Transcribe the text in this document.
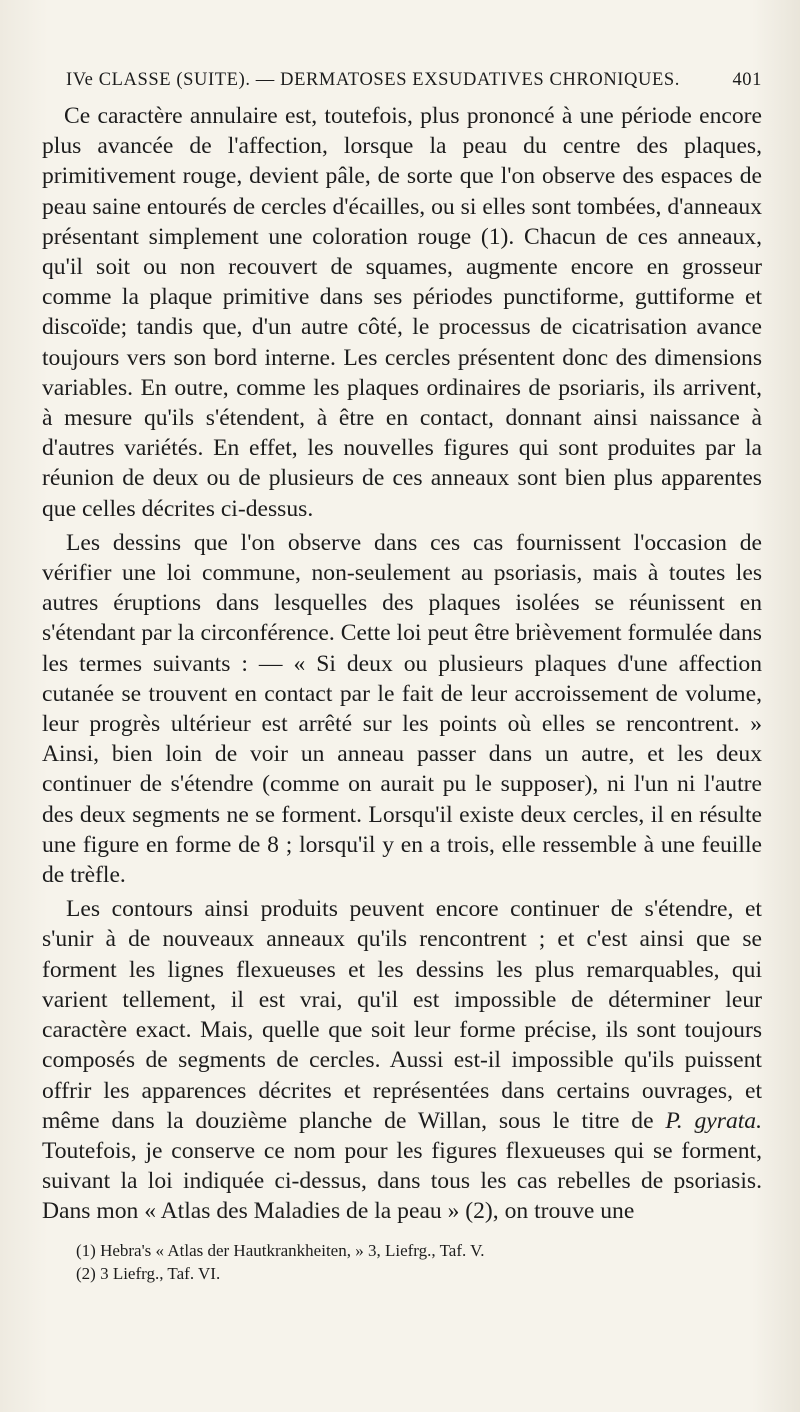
IVe CLASSE (SUITE). — DERMATOSES EXSUDATIVES CHRONIQUES.	401

Ce caractère annulaire est, toutefois, plus prononcé à une période encore plus avancée de l'affection, lorsque la peau du centre des plaques, primitivement rouge, devient pâle, de sorte que l'on observe des espaces de peau saine entourés de cercles d'écailles, ou si elles sont tombées, d'anneaux présentant simplement une coloration rouge (1). Chacun de ces anneaux, qu'il soit ou non recouvert de squames, augmente encore en grosseur comme la plaque primitive dans ses périodes punctiforme, guttiforme et discoïde; tandis que, d'un autre côté, le processus de cicatrisation avance toujours vers son bord interne. Les cercles présentent donc des dimensions variables. En outre, comme les plaques ordinaires de psoriaris, ils arrivent, à mesure qu'ils s'étendent, à être en contact, donnant ainsi naissance à d'autres variétés. En effet, les nouvelles figures qui sont produites par la réunion de deux ou de plusieurs de ces anneaux sont bien plus apparentes que celles décrites ci-dessus.

Les dessins que l'on observe dans ces cas fournissent l'occasion de vérifier une loi commune, non-seulement au psoriasis, mais à toutes les autres éruptions dans lesquelles des plaques isolées se réunissent en s'étendant par la circonférence. Cette loi peut être brièvement formulée dans les termes suivants : — « Si deux ou plusieurs plaques d'une affection cutanée se trouvent en contact par le fait de leur accroissement de volume, leur progrès ultérieur est arrêté sur les points où elles se rencontrent. » Ainsi, bien loin de voir un anneau passer dans un autre, et les deux continuer de s'étendre (comme on aurait pu le supposer), ni l'un ni l'autre des deux segments ne se forment. Lorsqu'il existe deux cercles, il en résulte une figure en forme de 8 ; lorsqu'il y en a trois, elle ressemble à une feuille de trèfle.

Les contours ainsi produits peuvent encore continuer de s'étendre, et s'unir à de nouveaux anneaux qu'ils rencontrent ; et c'est ainsi que se forment les lignes flexueuses et les dessins les plus remarquables, qui varient tellement, il est vrai, qu'il est impossible de déterminer leur caractère exact. Mais, quelle que soit leur forme précise, ils sont toujours composés de segments de cercles. Aussi est-il impossible qu'ils puissent offrir les apparences décrites et représentées dans certains ouvrages, et même dans la douzième planche de Willan, sous le titre de P. gyrata. Toutefois, je conserve ce nom pour les figures flexueuses qui se forment, suivant la loi indiquée ci-dessus, dans tous les cas rebelles de psoriasis. Dans mon « Atlas des Maladies de la peau » (2), on trouve une

(1) Hebra's « Atlas der Hautkrankheiten, » 3, Liefrg., Taf. V.
(2) 3 Liefrg., Taf. VI.
